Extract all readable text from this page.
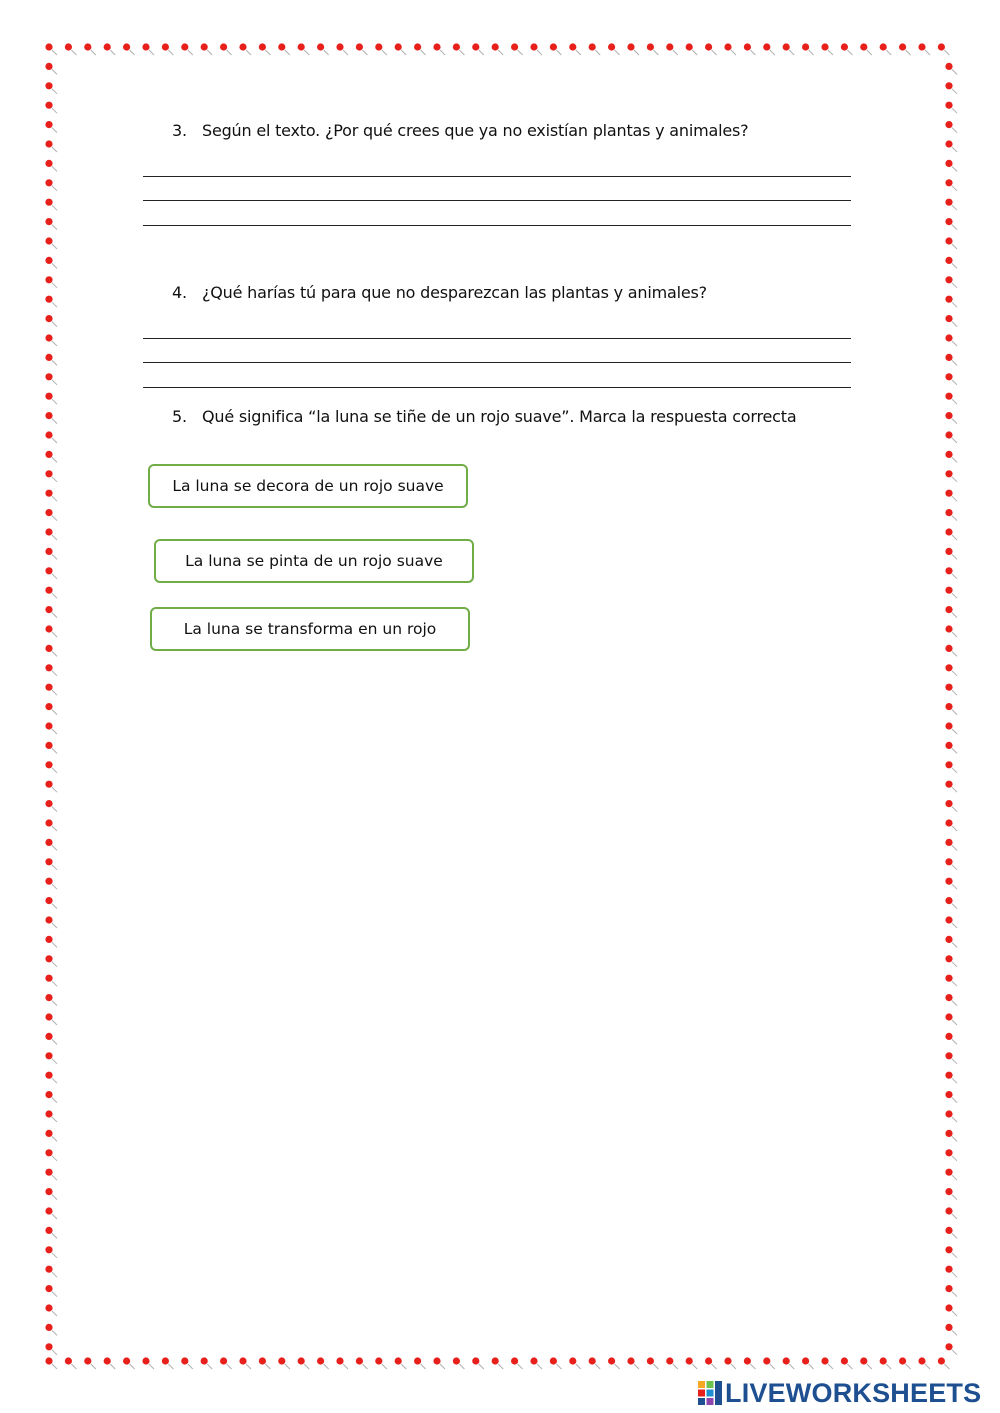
3. Según el texto. ¿Por qué crees que ya no existían plantas y animales?
4. ¿Qué harías tú para que no desparezcan las plantas y animales?
5. Qué significa “la luna se tiñe de un rojo suave”. Marca la respuesta correcta
La luna se decora de un rojo suave
La luna se pinta de un rojo suave
La luna se transforma en un rojo
LIVEWORKSHEETS
